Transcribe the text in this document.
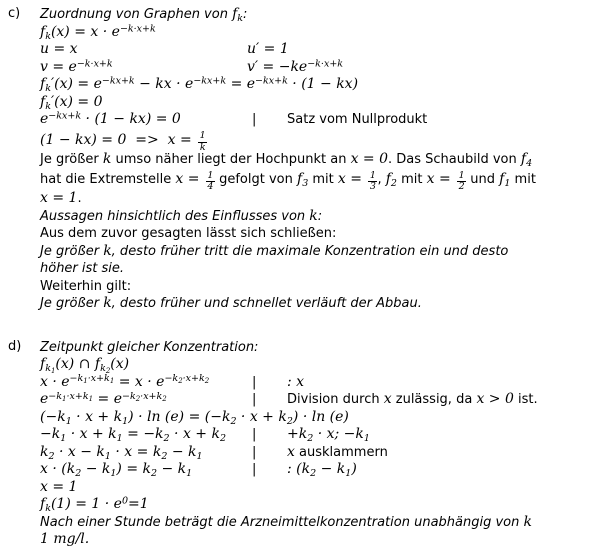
c) Zuordnung von Graphen von $f_k$:
$f_k(x) = x \cdot e^{-k\cdot x+k}$
u = x	u′ = 1
$v = e^{-k\cdot x+k}$	$v' = -ke^{-k\cdot x+k}$
$f_k'(x) = e^{-kx+k}$ − kx · $e^{-kx+k} = e^{-kx+k} \cdot (1 - kx)$
$f_k'(x) = 0$
$e^{-kx+k} \cdot (1 - kx) = 0$	| Satz vom Nullprodukt
$(1 - kx) = 0 => x = \frac{1}{k}$
Je größer k umso näher liegt der Hochpunkt an x = 0. Das Schaubild von $f_4$
hat die Extremstelle $x = \frac{1}{4}$ gefolgt von $f_3$ mit $x = \frac{1}{3}$ , $f_2$ mit $x = \frac{1}{2}$ und $f_1$ mit
x = 1.
Aussagen hinsichtlich des Einflusses von k:
Aus dem zuvor gesagten lässt sich schließen:
Je größer k, desto früher tritt die maximale Konzentration ein und desto
höher ist sie.
Weiterhin gilt:
Je größer k, desto früher und schnellet verläuft der Abbau.
d) Zeitpunkt gleicher Konzentration:
$f_{k_1}(x)$ ∩ $f_{k_2}(x)$
$x \cdot e^{-k_1\cdot x+k_1} = x \cdot e^{-k_2\cdot x+k_2}$	| : x
$e^{-k_1\cdot x+k_1} = e^{-k_2\cdot x+k_2}$	| Division durch x zulässig, da x > 0 ist.
$(-k_1 \cdot x + k_1) \cdot \ln (e) = (-k_2 \cdot x + k_2) \cdot \ln (e)$
$-k_1 \cdot x + k_1 = -k_2 \cdot x + k_2$ | $+k_2 \cdot x$; $-k_1$
$k_2 \cdot x - k_1 \cdot x = k_2 - k_1$	| x ausklammern
$x \cdot (k_2 - k_1) = k_2 - k_1$	| : $(k_2 - k_1)$
x = 1
$f_k(1) = 1 \cdot e^0=1$
Nach einer Stunde beträgt die Arzneimittelkonzentration unabhängig von k
1 mg/l.
